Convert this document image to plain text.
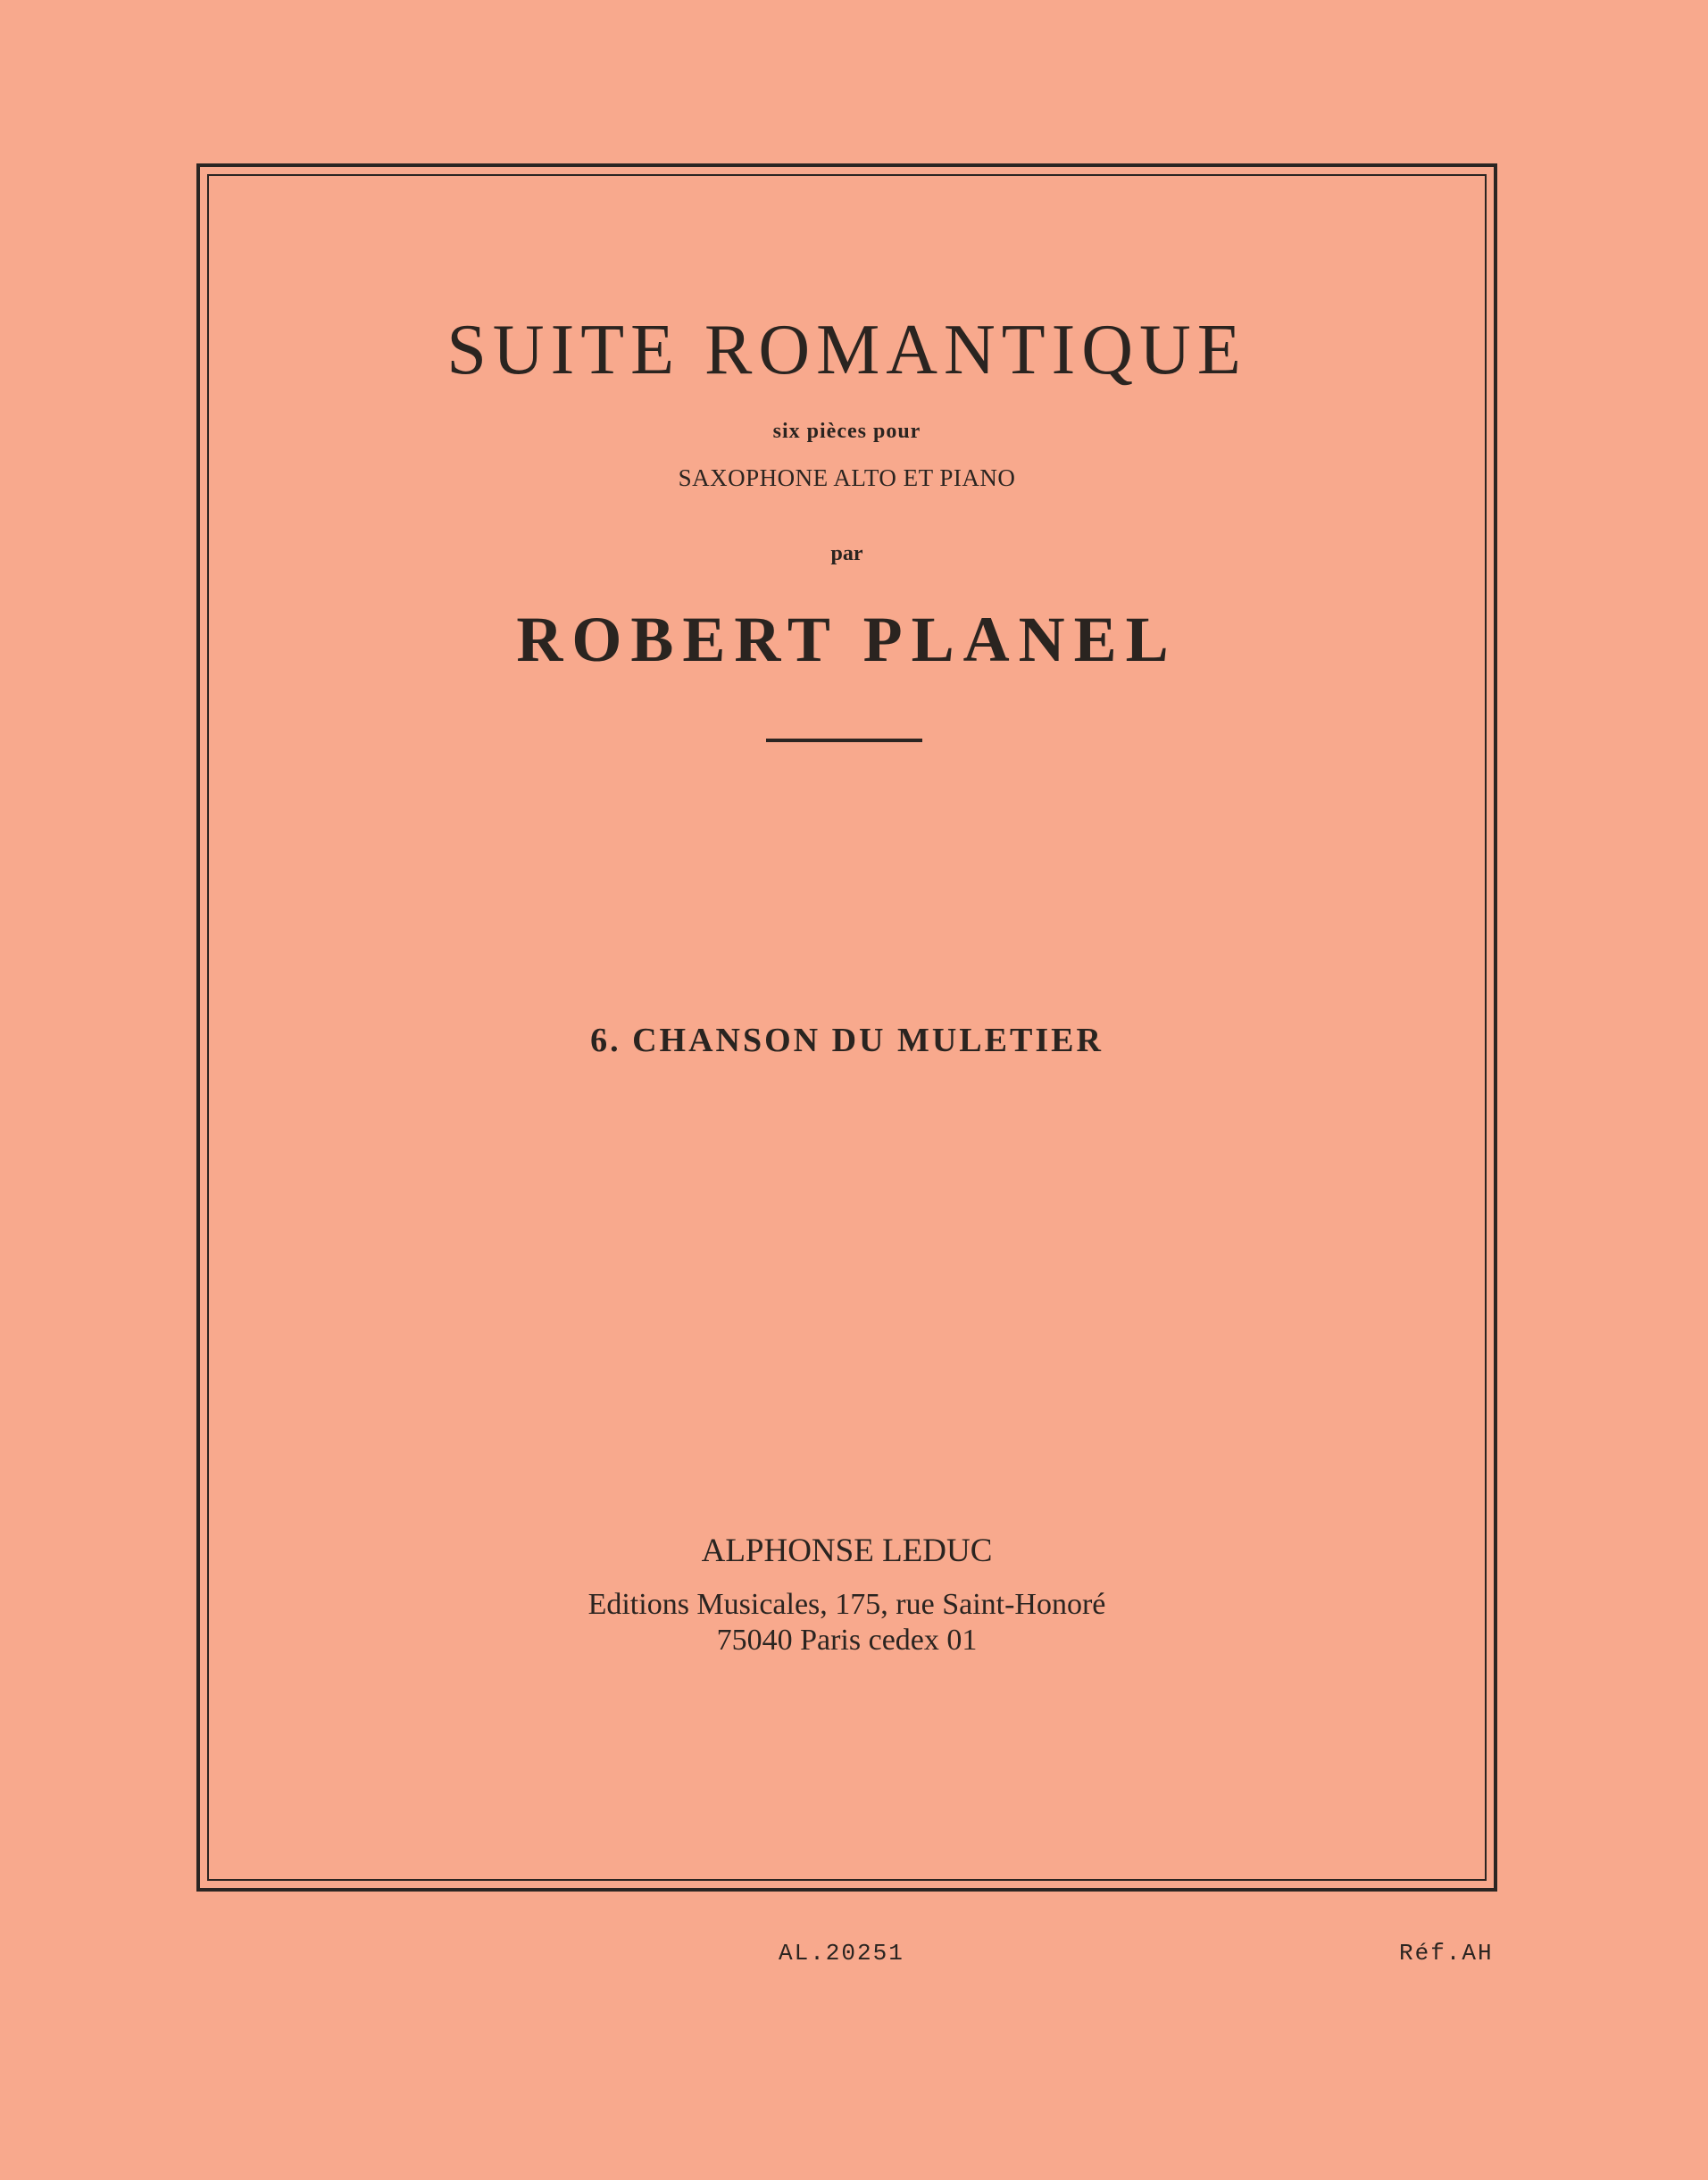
SUITE ROMANTIQUE
six pièces pour
SAXOPHONE ALTO ET PIANO
par
ROBERT PLANEL
6. CHANSON DU MULETIER
ALPHONSE LEDUC
Editions Musicales, 175, rue Saint-Honoré
75040 Paris cedex 01
AL.20251	Réf.AH
